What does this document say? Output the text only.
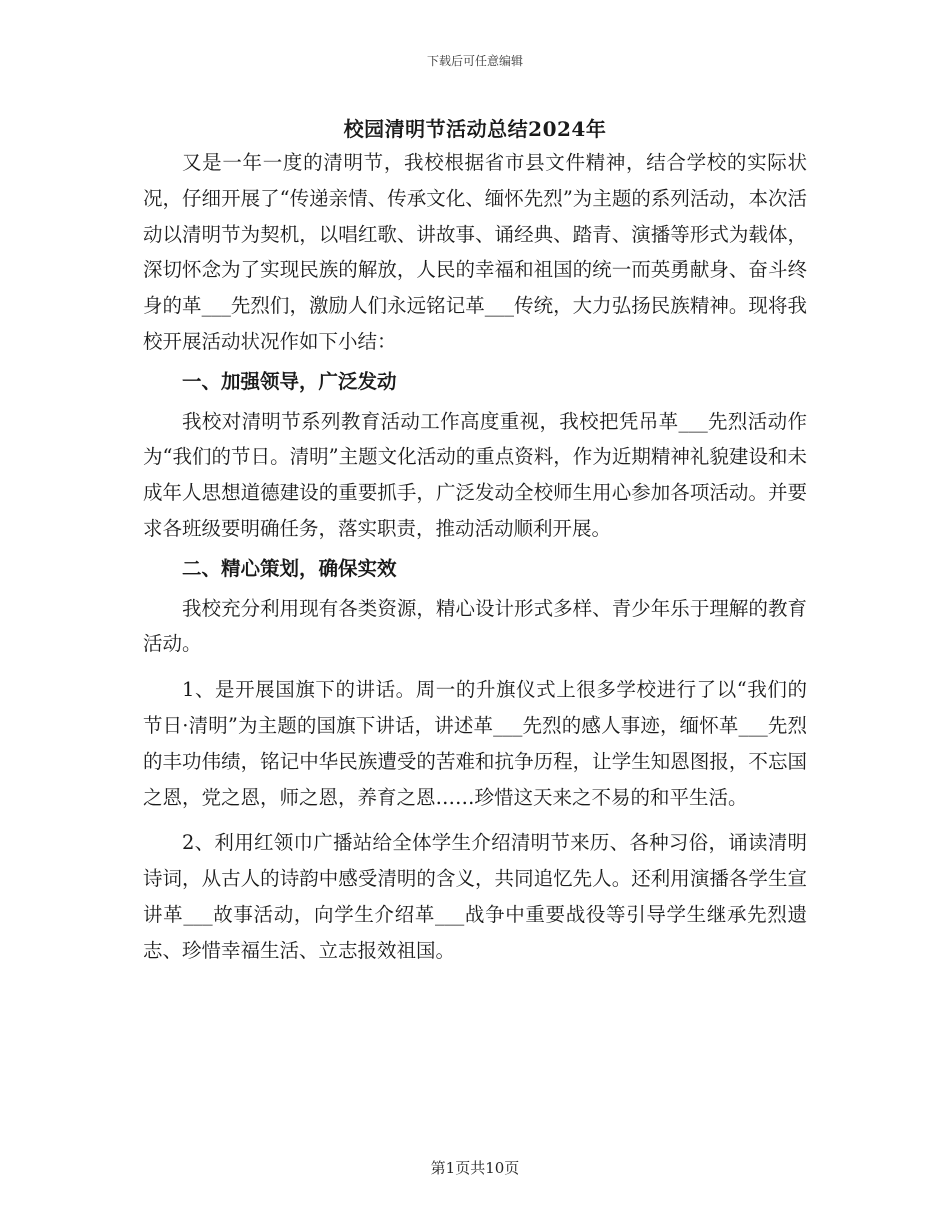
下载后可任意编辑
校园清明节活动总结2024年

又是一年一度的清明节，我校根据省市县文件精神，结合学校的实际状况，仔细开展了“传递亲情、传承文化、缅怀先烈”为主题的系列活动，本次活动以清明节为契机，以唱红歌、讲故事、诵经典、踏青、演播等形式为载体，深切怀念为了实现民族的解放，人民的幸福和祖国的统一而英勇献身、奋斗终身的革___先烈们，激励人们永远铭记革___传统，大力弘扬民族精神。现将我校开展活动状况作如下小结：

一、加强领导，广泛发动

我校对清明节系列教育活动工作高度重视，我校把凭吊革___先烈活动作为“我们的节日。清明”主题文化活动的重点资料，作为近期精神礼貌建设和未成年人思想道德建设的重要抓手，广泛发动全校师生用心参加各项活动。并要求各班级要明确任务，落实职责，推动活动顺利开展。

二、精心策划，确保实效

我校充分利用现有各类资源，精心设计形式多样、青少年乐于理解的教育活动。

1、是开展国旗下的讲话。周一的升旗仪式上很多学校进行了以“我们的节日·清明”为主题的国旗下讲话，讲述革___先烈的感人事迹，缅怀革___先烈的丰功伟绩，铭记中华民族遭受的苦难和抗争历程，让学生知恩图报，不忘国之恩，党之恩，师之恩，养育之恩……珍惜这天来之不易的和平生活。

2、利用红领巾广播站给全体学生介绍清明节来历、各种习俗，诵读清明诗词，从古人的诗韵中感受清明的含义，共同追忆先人。还利用演播各学生宣讲革___故事活动，向学生介绍革___战争中重要战役等引导学生继承先烈遗志、珍惜幸福生活、立志报效祖国。

第1页共10页
